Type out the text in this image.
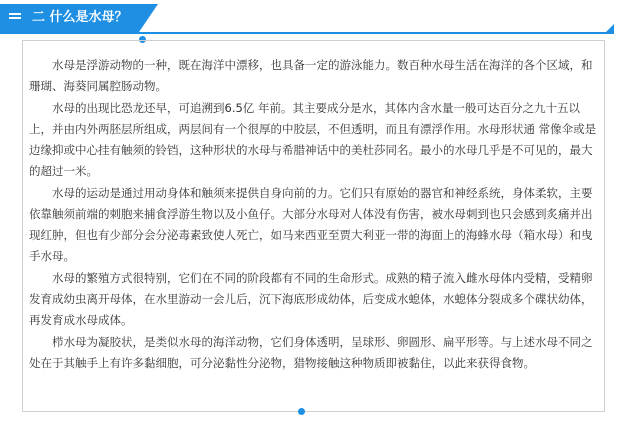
二 什么是水母？

水母是浮游动物的一种，既在海洋中漂移，也具备一定的游泳能力。数百种水母生活在海洋的各个区域，和珊瑚、海葵同属腔肠动物。

水母的出现比恐龙还早，可追溯到6.5亿 年前。其主要成分是水，其体内含水量一般可达百分之九十五以上，并由内外两胚层所组成，两层间有一个很厚的中胶层，不但透明，而且有漂浮作用。水母形状通 常像伞或是边缘抑或中心挂有触须的铃铛，这种形状的水母与希腊神话中的美杜莎同名。最小的水母几乎是不可见的，最大的超过一米。

水母的运动是通过用动身体和触须来提供自身向前的力。它们只有原始的器官和神经系统，身体柔软，主要依靠触须前端的刺胞来捕食浮游生物以及小鱼仔。大部分水母对人体没有伤害，被水母刺到也只会感到炙痛并出现红肿，但也有少部分会分泌毒素致使人死亡，如马来西亚至贾大利亚一带的海面上的海蜂水母（箱水母）和曳手水母。

水母的繁殖方式很特别，它们在不同的阶段都有不同的生命形式。成熟的精子流入雌水母体内受精，受精卵发育成幼虫离开母体，在水里游动一会儿后，沉下海底形成幼体，后变成水螅体，水螅体分裂成多个碟状幼体，再发育成水母成体。

栉水母为凝胶状，是类似水母的海洋动物，它们身体透明，呈球形、卵圆形、扁平形等。与上述水母不同之处在于其触手上有许多黏细胞，可分泌黏性分泌物，猎物接触这种物质即被黏住，以此来获得食物。
